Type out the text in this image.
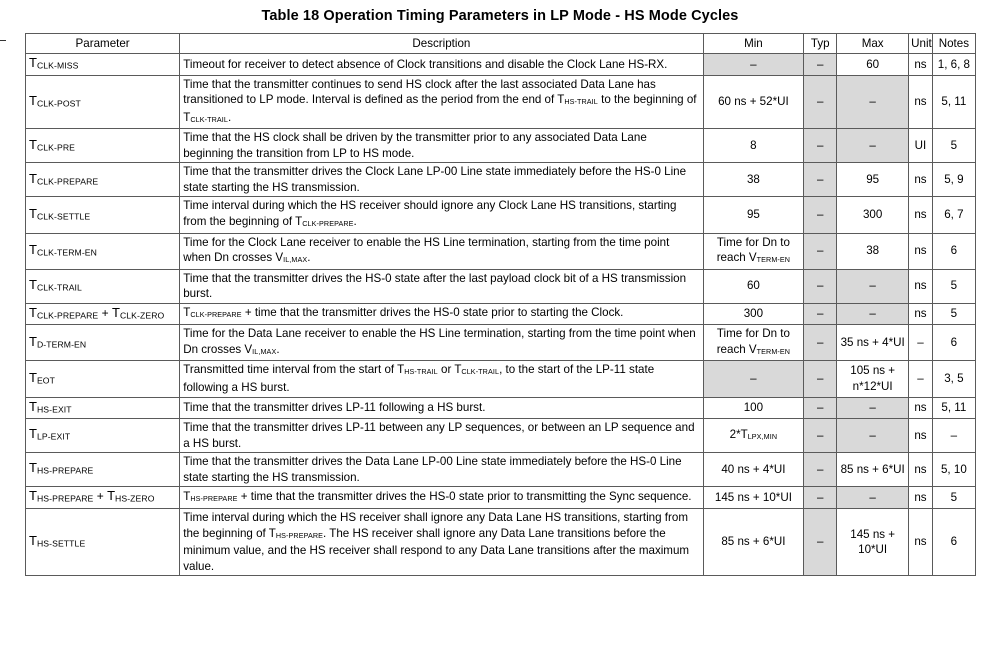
Table 18 Operation Timing Parameters in LP Mode - HS Mode Cycles
Parameter	Description	Min	Typ	Max	Unit	Notes
TCLK-MISS	Timeout for receiver to detect absence of Clock transitions and disable the Clock Lane HS-RX.	–	–	60	ns	1, 6, 8
TCLK-POST	Time that the transmitter continues to send HS clock after the last associated Data Lane has transitioned to LP mode. Interval is defined as the period from the end of THS-TRAIL to the beginning of TCLK-TRAIL.	60 ns + 52*UI	–	–	ns	5, 11
TCLK-PRE	Time that the HS clock shall be driven by the transmitter prior to any associated Data Lane beginning the transition from LP to HS mode.	8	–	–	UI	5
TCLK-PREPARE	Time that the transmitter drives the Clock Lane LP-00 Line state immediately before the HS-0 Line state starting the HS transmission.	38	–	95	ns	5, 9
TCLK-SETTLE	Time interval during which the HS receiver should ignore any Clock Lane HS transitions, starting from the beginning of TCLK-PREPARE.	95	–	300	ns	6, 7
TCLK-TERM-EN	Time for the Clock Lane receiver to enable the HS Line termination, starting from the time point when Dn crosses VIL,MAX.	Time for Dn to reach VTERM-EN	–	38	ns	6
TCLK-TRAIL	Time that the transmitter drives the HS-0 state after the last payload clock bit of a HS transmission burst.	60	–	–	ns	5
TCLK-PREPARE + TCLK-ZERO	TCLK-PREPARE + time that the transmitter drives the HS-0 state prior to starting the Clock.	300	–	–	ns	5
TD-TERM-EN	Time for the Data Lane receiver to enable the HS Line termination, starting from the time point when Dn crosses VIL,MAX.	Time for Dn to reach VTERM-EN	–	35 ns + 4*UI	–	6
TEOT	Transmitted time interval from the start of THS-TRAIL or TCLK-TRAIL, to the start of the LP-11 state following a HS burst.	–	–	105 ns + n*12*UI	–	3, 5
THS-EXIT	Time that the transmitter drives LP-11 following a HS burst.	100	–	–	ns	5, 11
TLP-EXIT	Time that the transmitter drives LP-11 between any LP sequences, or between an LP sequence and a HS burst.	2*TLPX,MIN	–	–	ns	–
THS-PREPARE	Time that the transmitter drives the Data Lane LP-00 Line state immediately before the HS-0 Line state starting the HS transmission.	40 ns + 4*UI	–	85 ns + 6*UI	ns	5, 10
THS-PREPARE + THS-ZERO	THS-PREPARE + time that the transmitter drives the HS-0 state prior to transmitting the Sync sequence.	145 ns + 10*UI	–	–	ns	5
THS-SETTLE	Time interval during which the HS receiver shall ignore any Data Lane HS transitions, starting from the beginning of THS-PREPARE. The HS receiver shall ignore any Data Lane transitions before the minimum value, and the HS receiver shall respond to any Data Lane transitions after the maximum value.	85 ns + 6*UI	–	145 ns + 10*UI	ns	6
